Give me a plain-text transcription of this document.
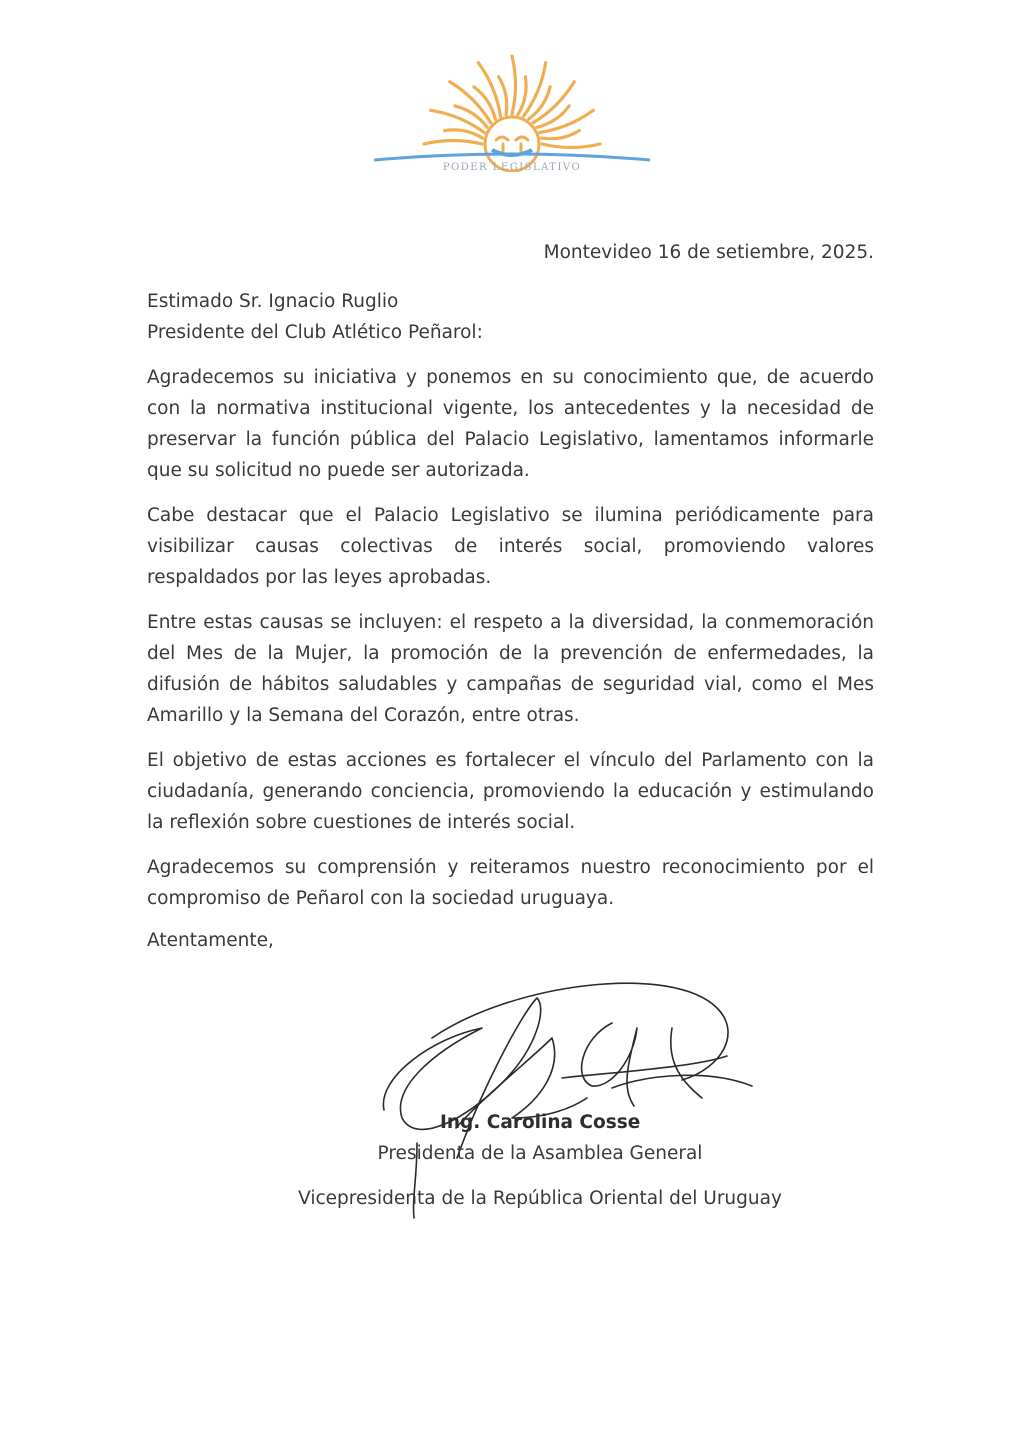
PODER LEGISLATIVO
Montevideo 16 de setiembre, 2025.
Estimado Sr. Ignacio Ruglio
Presidente del Club Atlético Peñarol:

Agradecemos su iniciativa y ponemos en su conocimiento que, de acuerdo con la normativa institucional vigente, los antecedentes y la necesidad de preservar la función pública del Palacio Legislativo, lamentamos informarle que su solicitud no puede ser autorizada.

Cabe destacar que el Palacio Legislativo se ilumina periódicamente para visibilizar causas colectivas de interés social, promoviendo valores respaldados por las leyes aprobadas.

Entre estas causas se incluyen: el respeto a la diversidad, la conmemoración del Mes de la Mujer, la promoción de la prevención de enfermedades, la difusión de hábitos saludables y campañas de seguridad vial, como el Mes Amarillo y la Semana del Corazón, entre otras.

El objetivo de estas acciones es fortalecer el vínculo del Parlamento con la ciudadanía, generando conciencia, promoviendo la educación y estimulando la reflexión sobre cuestiones de interés social.

Agradecemos su comprensión y reiteramos nuestro reconocimiento por el compromiso de Peñarol con la sociedad uruguaya.

Atentamente,
Ing. Carolina Cosse
Presidenta de la Asamblea General
Vicepresidenta de la República Oriental del Uruguay
